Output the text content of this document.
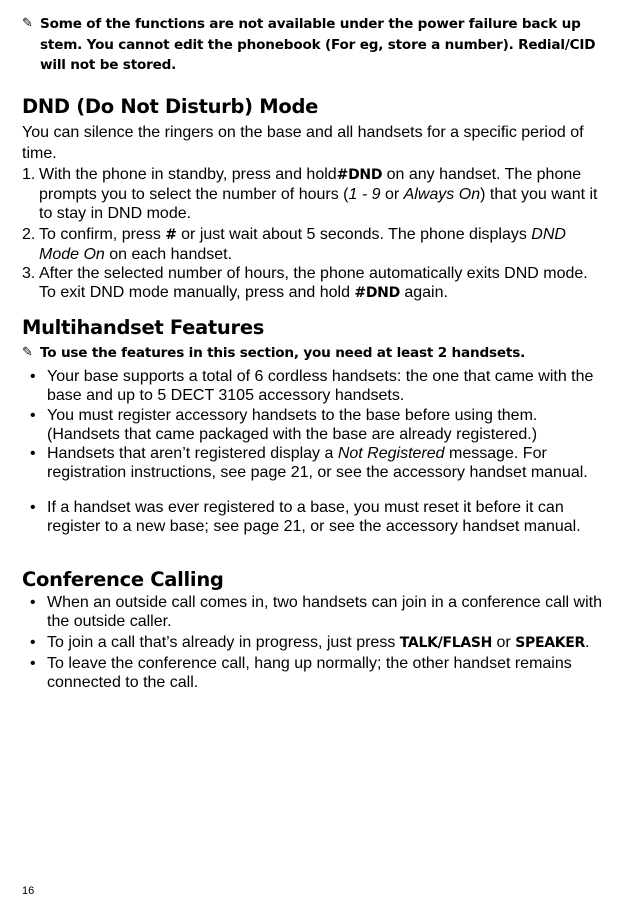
✎ Some of the functions are not available under the power failure back up stem. You cannot edit the phonebook (For eg, store a number). Redial/CID will not be stored.
DND (Do Not Disturb) Mode

You can silence the ringers on the base and all handsets for a specific period of time.

1. With the phone in standby, press and hold#DND on any handset. The phone prompts you to select the number of hours (1 - 9 or Always On) that you want it to stay in DND mode.
2. To confirm, press # or just wait about 5 seconds. The phone displays DND Mode On on each handset.
3. After the selected number of hours, the phone automatically exits DND mode. To exit DND mode manually, press and hold #DND again.
Multihandset Features
✎ To use the features in this section, you need at least 2 handsets.
• Your base supports a total of 6 cordless handsets: the one that came with the base and up to 5 DECT 3105 accessory handsets.
• You must register accessory handsets to the base before using them. (Handsets that came packaged with the base are already registered.)
• Handsets that aren’t registered display a Not Registered message. For registration instructions, see page 21, or see the accessory handset manual.
• If a handset was ever registered to a base, you must reset it before it can register to a new base; see page 21, or see the accessory handset manual.
Conference Calling
• When an outside call comes in, two handsets can join in a conference call with the outside caller.
• To join a call that’s already in progress, just press TALK/FLASH or SPEAKER.
• To leave the conference call, hang up normally; the other handset remains connected to the call.
16
